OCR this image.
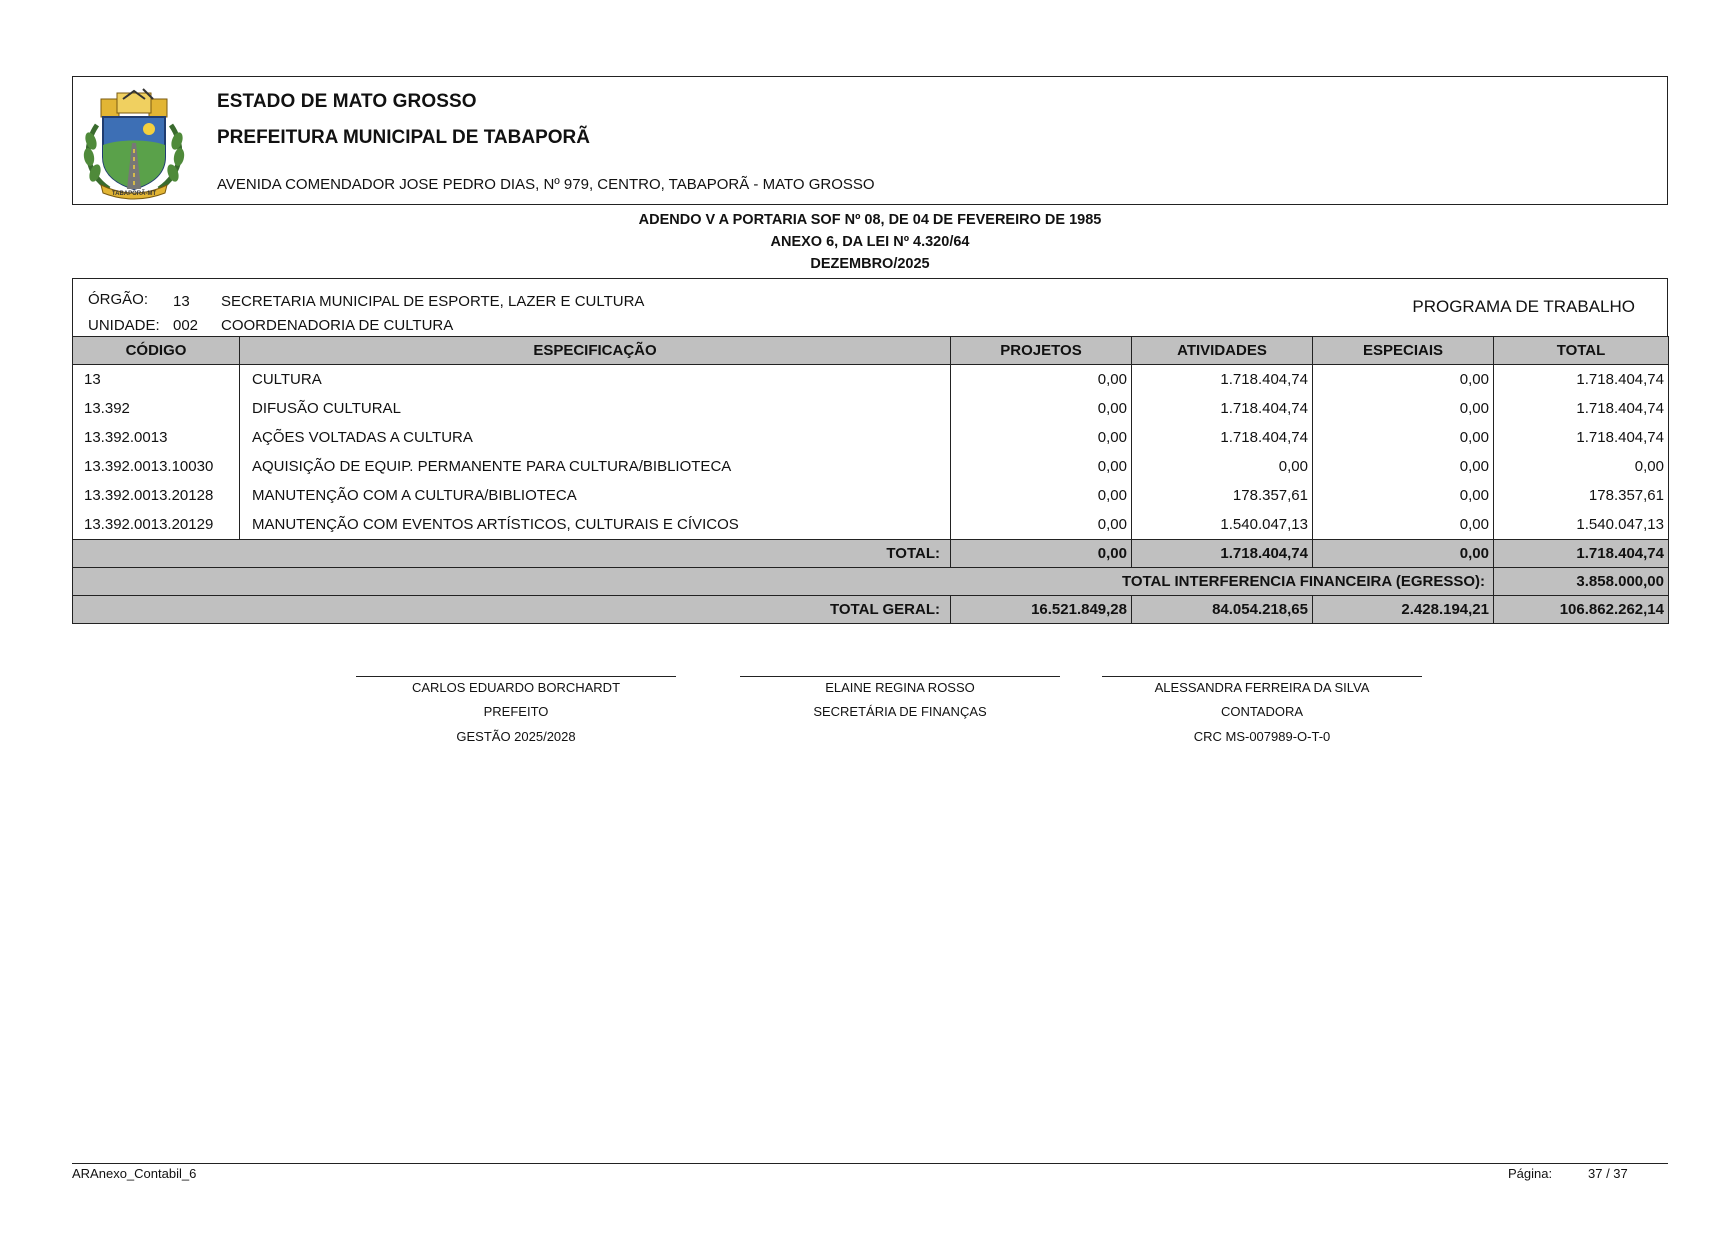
TABAPORÃ-MT
ESTADO DE MATO GROSSO
PREFEITURA MUNICIPAL DE TABAPORÃ
AVENIDA COMENDADOR JOSE PEDRO DIAS, Nº 979, CENTRO, TABAPORÃ - MATO GROSSO
ADENDO V A PORTARIA SOF Nº 08, DE 04 DE FEVEREIRO DE 1985
ANEXO 6, DA LEI Nº 4.320/64
DEZEMBRO/2025
ÓRGÃO: 13 SECRETARIA MUNICIPAL DE ESPORTE, LAZER E CULTURA
UNIDADE: 002 COORDENADORIA DE CULTURA
PROGRAMA DE TRABALHO
CÓDIGO	ESPECIFICAÇÃO	PROJETOS	ATIVIDADES	ESPECIAIS	TOTAL
13	CULTURA	0,00	1.718.404,74	0,00	1.718.404,74
13.392	DIFUSÃO CULTURAL	0,00	1.718.404,74	0,00	1.718.404,74
13.392.0013	AÇÕES VOLTADAS A CULTURA	0,00	1.718.404,74	0,00	1.718.404,74
13.392.0013.10030	AQUISIÇÃO DE EQUIP. PERMANENTE PARA CULTURA/BIBLIOTECA	0,00	0,00	0,00	0,00
13.392.0013.20128	MANUTENÇÃO COM A CULTURA/BIBLIOTECA	0,00	178.357,61	0,00	178.357,61
13.392.0013.20129	MANUTENÇÃO COM EVENTOS ARTÍSTICOS, CULTURAIS E CÍVICOS	0,00	1.540.047,13	0,00	1.540.047,13
TOTAL:		0,00	1.718.404,74	0,00	1.718.404,74
TOTAL INTERFERENCIA FINANCEIRA (EGRESSO):					3.858.000,00
TOTAL GERAL:		16.521.849,28	84.054.218,65	2.428.194,21	106.862.262,14
CARLOS EDUARDO BORCHARDT
PREFEITO
GESTÃO 2025/2028
ELAINE REGINA ROSSO
SECRETÁRIA DE FINANÇAS
ALESSANDRA FERREIRA DA SILVA
CONTADORA
CRC MS-007989-O-T-0
ARAnexo_Contabil_6	Página:	37 / 37
